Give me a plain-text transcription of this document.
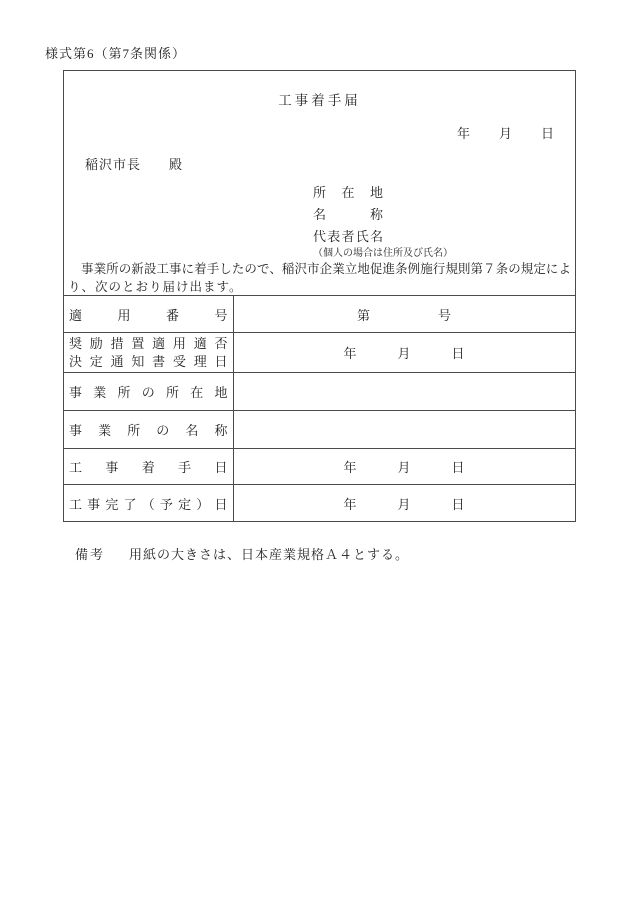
様式第6（第7条関係）
工事着手届
年　　月　　日
稲沢市長　　殿
所在地
名称
代表者氏名
（個人の場合は住所及び氏名）
事業所の新設工事に着手したので、稲沢市企業立地促進条例施行規則第７条の規定によ
り、次のとおり届け出ます。
適用番号	第　　　　　号

奨励措置適用適否
決定通知書受理日	年　　　月　　　日
事業所の所在地	
事業所の名称	
工事着手日	年　　　月　　　日
工事完了（予定）日	年　　　月　　　日
備考 用紙の大きさは、日本産業規格Ａ４とする。
